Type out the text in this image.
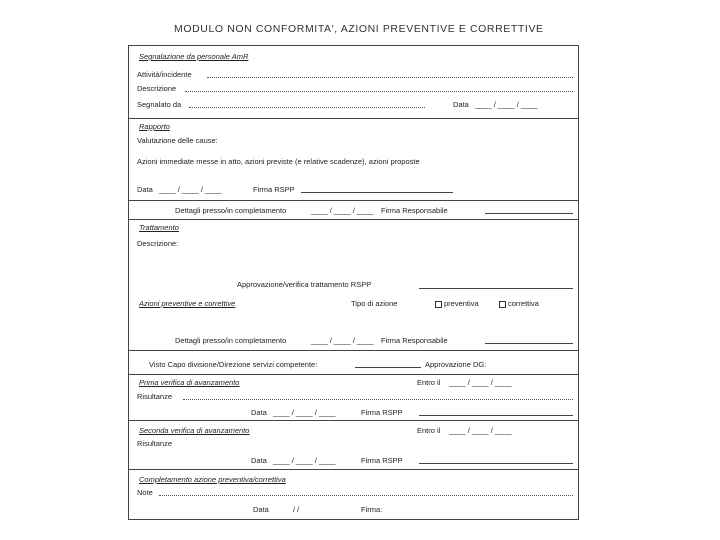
MODULO NON CONFORMITA', AZIONI PREVENTIVE E CORRETTIVE
Segnalazione da personale AmR
Attività/incidente
Descrizione
Segnalato da	Data ____ / ____ / ____
Rapporto
Valutazione delle cause:
Azioni immediate messe in atto, azioni previste (e relative scadenze), azioni proposte
Data ____ / ____ / ____	Firma RSPP
Dettagli presso/in completamento	____ / ____ / ____ Firma Responsabile
Trattamento
Descrizione:
Approvazione/verifica trattamento RSPP
Azioni preventive e correttive	Tipo di azione	preventiva	correttiva
Dettagli presso/in completamento	____ / ____ / ____ Firma Responsabile
Visto Capo divisione/Direzione servizi competente:	Approvazione DG:
Prima verifica di avanzamento	Entro il ____ / ____ / ____
Risultanze
Data ____ / ____ / ____	Firma RSPP
Seconda verifica di avanzamento	Entro il ____ / ____ / ____
Risultanze
Data ____ / ____ / ____	Firma RSPP
Completamento azione preventiva/correttiva
Note
Data	/ /	Firma:
